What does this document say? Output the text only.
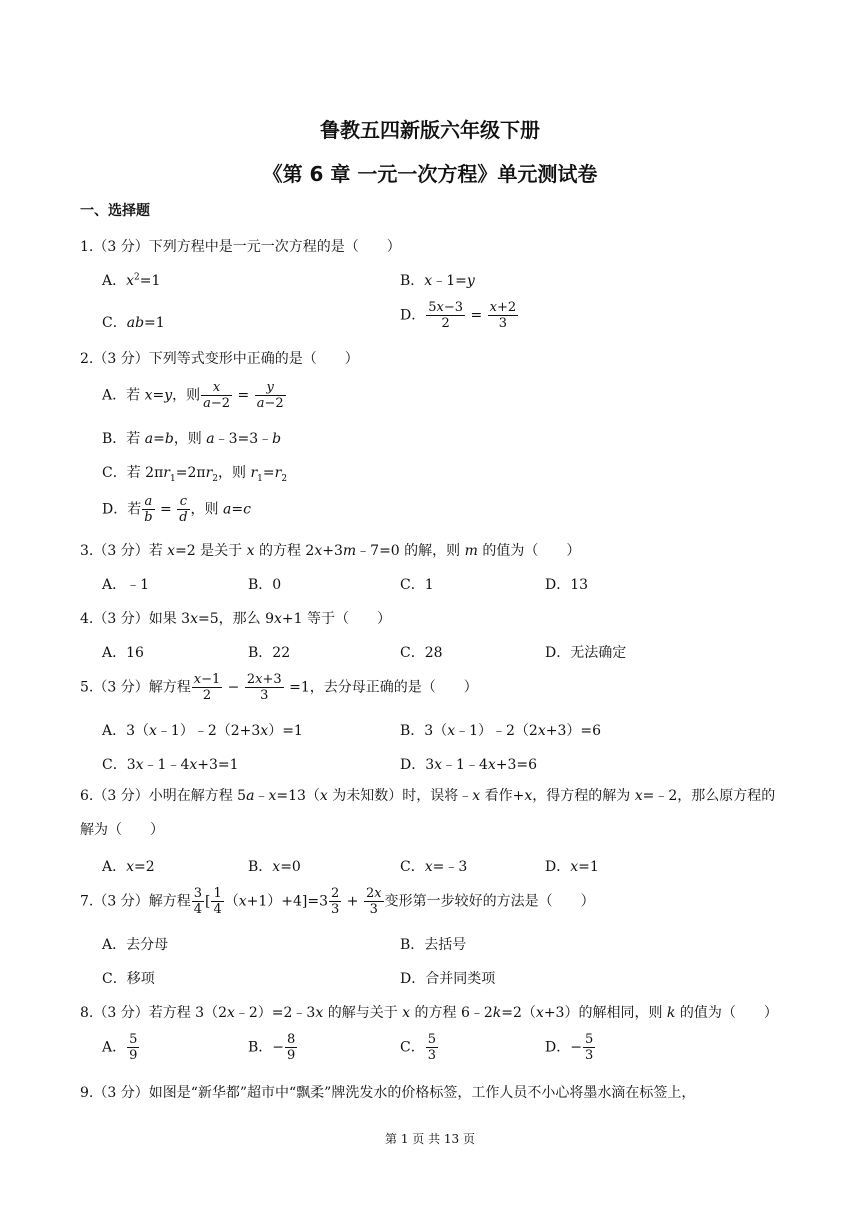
鲁教五四新版六年级下册
《第 6 章 一元一次方程》单元测试卷
一、选择题
1.（3 分）下列方程中是一元一次方程的是（　　）
A．$x^2=1$	B．x﹣1=y
C．ab=1	D． $\frac{5x-3}{2} = \frac{x+2}{3}$
2.（3 分）下列等式变形中正确的是（　　）
A．若 x=y，则 $\frac{x}{a-2} = \frac{y}{a-2}$
B．若 a=b，则 a﹣3=3﹣b
C．若 $2\pi r_1=2\pi r_2$，则 $r_1=r_2$
D．若 $\frac{a}{b} = \frac{c}{d}$ ，则 a=c
3.（3 分）若 x=2 是关于 x 的方程 2x+3m﹣7=0 的解，则 m 的值为（　　）
A．﹣1	B．0	C．1	D．13
4.（3 分）如果 3x=5，那么 9x+1 等于（　　）
A．16	B．22	C．28	D．无法确定
5.（3 分）解方程 $\frac{x-1}{2} - \frac{2x+3}{3} =1$，去分母正确的是（　　）
A．3（x﹣1）﹣2（2+3x）=1	B．3（x﹣1）﹣2（2x+3）=6
C．3x﹣1﹣4x+3=1	D．3x﹣1﹣4x+3=6
6.（3 分）小明在解方程 5a﹣x=13（x 为未知数）时，误将﹣x 看作+x，得方程的解为 x=﹣2，那么原方程的解为（　　）
A．x=2	B．x=0	C．x=﹣3	D．x=1
7.（3 分）解方程 $\frac{3}{4}$ [ $\frac{1}{4} (x+1)+4]=3 \frac{2}{3} + \frac{2x}{3}$ 变形第一步较好的方法是（　　）
A．去分母	B．去括号
C．移项	D．合并同类项
8.（3 分）若方程 3（2x﹣2）=2﹣3x 的解与关于 x 的方程 6﹣2k=2（x+3）的解相同，则 k 的值为（　　）
A． $\frac{5}{9}$	B．− $\frac{8}{9}$	C． $\frac{5}{3}$	D．− $\frac{5}{3}$
9.（3 分）如图是“新华都”超市中“飘柔”牌洗发水的价格标签，工作人员不小心将墨水滴在标签上，
第 1 页 共 13 页
